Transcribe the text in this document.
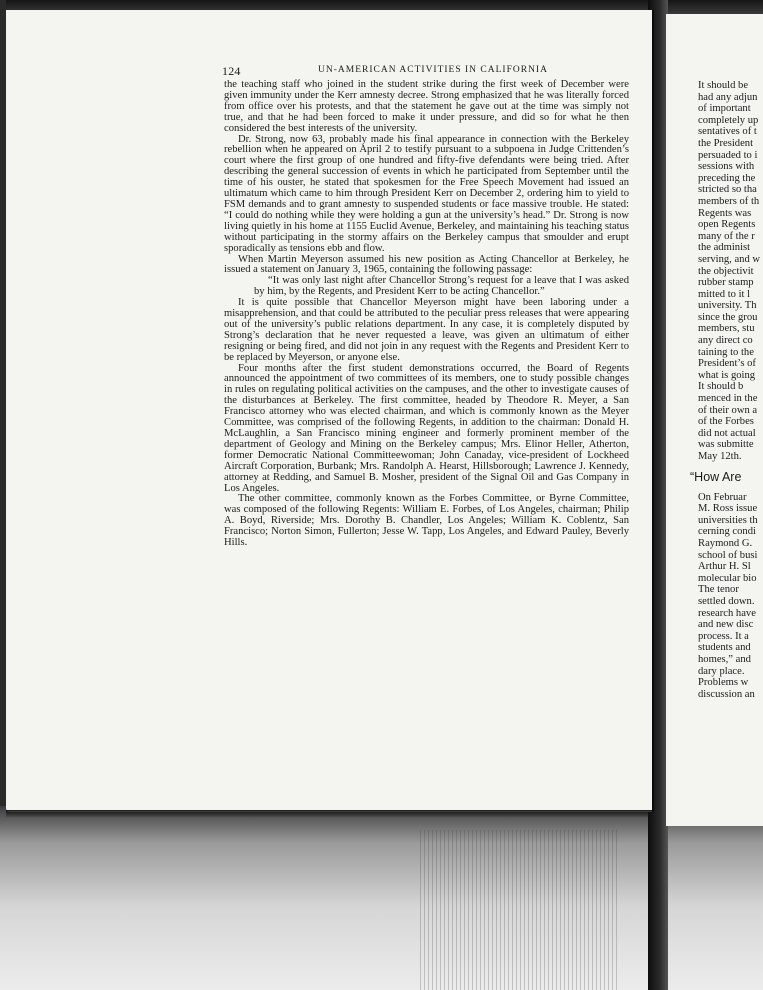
124	UN-AMERICAN ACTIVITIES IN CALIFORNIA

the teaching staff who joined in the student strike during the first week of December were given immunity under the Kerr amnesty decree. Strong emphasized that he was literally forced from office over his protests, and that the statement he gave out at the time was simply not true, and that he had been forced to make it under pressure, and did so for what he then considered the best interests of the university.

Dr. Strong, now 63, probably made his final appearance in connection with the Berkeley rebellion when he appeared on April 2 to testify pursuant to a subpoena in Judge Crittenden’s court where the first group of one hundred and fifty-five defendants were being tried. After describing the general succession of events in which he participated from September until the time of his ouster, he stated that spokesmen for the Free Speech Movement had issued an ultimatum which came to him through President Kerr on December 2, ordering him to yield to FSM demands and to grant amnesty to suspended students or face massive trouble. He stated: “I could do nothing while they were holding a gun at the university’s head.” Dr. Strong is now living quietly in his home at 1155 Euclid Avenue, Berkeley, and maintaining his teaching status without participating in the stormy affairs on the Berkeley campus that smoulder and erupt sporadically as tensions ebb and flow.

When Martin Meyerson assumed his new position as Acting Chancellor at Berkeley, he issued a statement on January 3, 1965, containing the following passage:

“It was only last night after Chancellor Strong’s request for a leave that I was asked by him, by the Regents, and President Kerr to be acting Chancellor.”

It is quite possible that Chancellor Meyerson might have been laboring under a misapprehension, and that could be attributed to the peculiar press releases that were appearing out of the university’s public relations department. In any case, it is completely disputed by Strong’s declaration that he never requested a leave, was given an ultimatum of either resigning or being fired, and did not join in any request with the Regents and President Kerr to be replaced by Meyerson, or anyone else.

Four months after the first student demonstrations occurred, the Board of Regents announced the appointment of two committees of its members, one to study possible changes in rules on regulating political activities on the campuses, and the other to investigate causes of the disturbances at Berkeley. The first committee, headed by Theodore R. Meyer, a San Francisco attorney who was elected chairman, and which is commonly known as the Meyer Committee, was comprised of the following Regents, in addition to the chairman: Donald H. McLaughlin, a San Francisco mining engineer and formerly prominent member of the department of Geology and Mining on the Berkeley campus; Mrs. Elinor Heller, Atherton, former Democratic National Committeewoman; John Canaday, vice-president of Lockheed Aircraft Corporation, Burbank; Mrs. Randolph A. Hearst, Hillsborough; Lawrence J. Kennedy, attorney at Redding, and Samuel B. Mosher, president of the Signal Oil and Gas Company in Los Angeles.

The other committee, commonly known as the Forbes Committee, or Byrne Committee, was composed of the following Regents: William E. Forbes, of Los Angeles, chairman; Philip A. Boyd, Riverside; Mrs. Dorothy B. Chandler, Los Angeles; William K. Coblentz, San Francisco; Norton Simon, Fullerton; Jesse W. Tapp, Los Angeles, and Edward Pauley, Beverly Hills.

It should be
had any adjun
of important
completely up
sentatives of t
the President
persuaded to i
sessions with
preceding the
stricted so tha
members of th
Regents was
open Regents
many of the r
the administ
serving, and w
the objectivit
rubber stamp
mitted to it l
university. Th
since the grou
members, stu
any direct co
taining to the
President’s of
what is going
It should b
menced in the
of their own a
of the Forbes
did not actual
was submitte
May 12th.
“How Are
On Februar
M. Ross issue
universities th
cerning condi
Raymond G.
school of busi
Arthur H. Sl
molecular bio
The tenor
settled down.
research have
and new disc
process. It a
students and
homes,” and
dary place.
Problems w
discussion an
